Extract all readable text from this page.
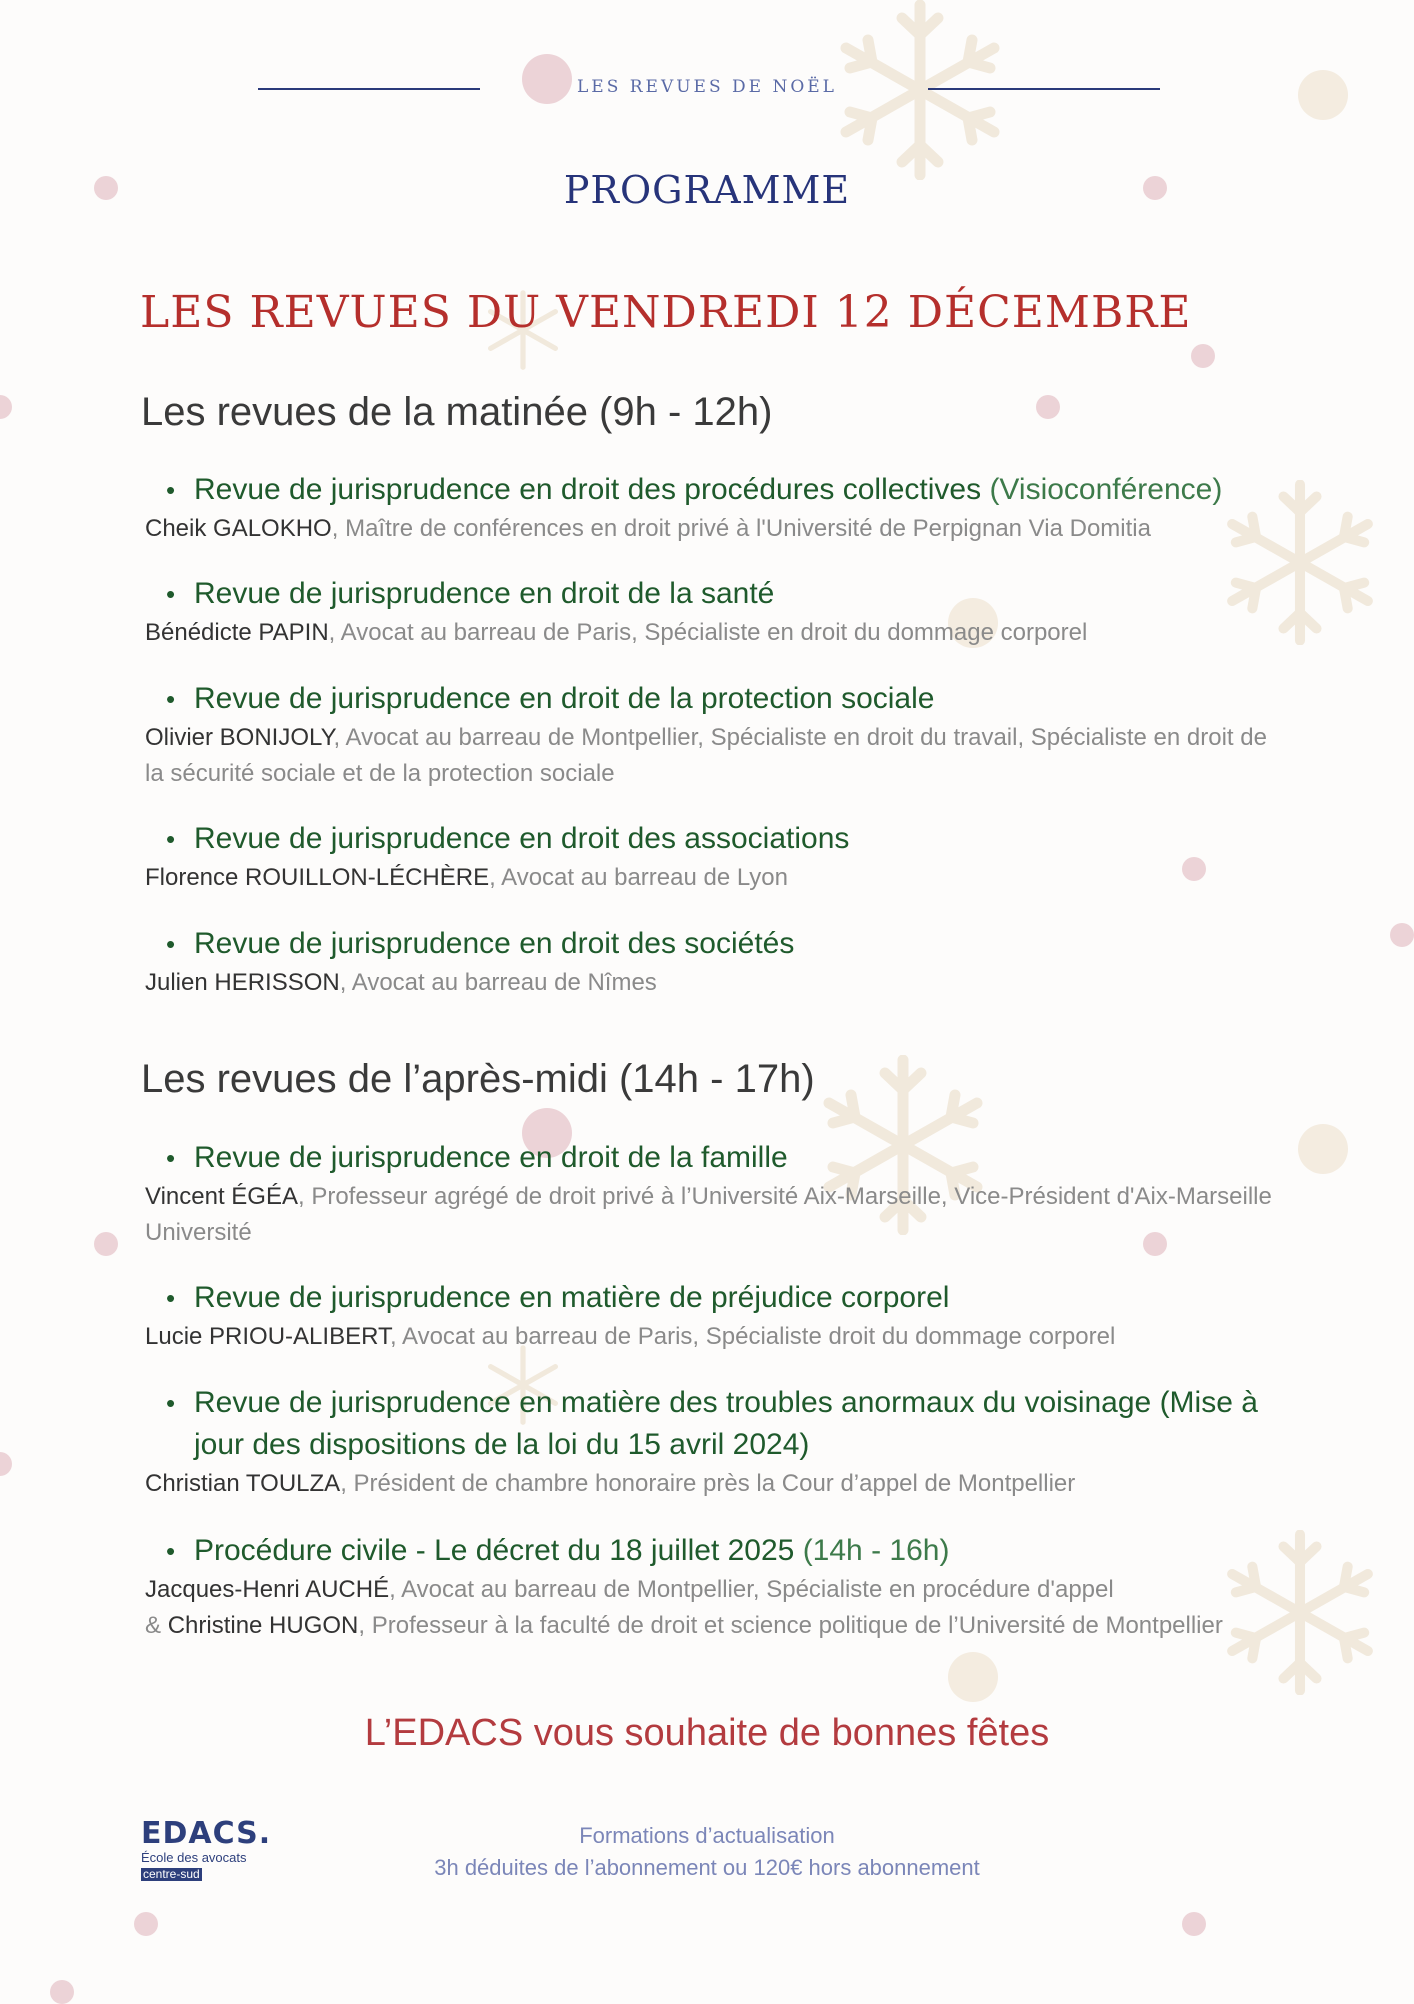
LES REVUES DE NOËL
PROGRAMME
LES REVUES DU VENDREDI 12 DÉCEMBRE
Les revues de la matinée (9h - 12h)
• Revue de jurisprudence en droit des procédures collectives (Visioconférence)
Cheik GALOKHO, Maître de conférences en droit privé à l'Université de Perpignan Via Domitia
• Revue de jurisprudence en droit de la santé
Bénédicte PAPIN, Avocat au barreau de Paris, Spécialiste en droit du dommage corporel
• Revue de jurisprudence en droit de la protection sociale
Olivier BONIJOLY, Avocat au barreau de Montpellier, Spécialiste en droit du travail, Spécialiste en droit de la sécurité sociale et de la protection sociale
• Revue de jurisprudence en droit des associations
Florence ROUILLON-LÉCHÈRE, Avocat au barreau de Lyon
• Revue de jurisprudence en droit des sociétés
Julien HERISSON, Avocat au barreau de Nîmes
Les revues de l’après-midi (14h - 17h)
• Revue de jurisprudence en droit de la famille
Vincent ÉGÉA, Professeur agrégé de droit privé à l’Université Aix-Marseille, Vice-Président d'Aix-Marseille Université
• Revue de jurisprudence en matière de préjudice corporel
Lucie PRIOU-ALIBERT, Avocat au barreau de Paris, Spécialiste droit du dommage corporel
• Revue de jurisprudence en matière des troubles anormaux du voisinage (Mise à jour des dispositions de la loi du 15 avril 2024)
Christian TOULZA, Président de chambre honoraire près la Cour d’appel de Montpellier
• Procédure civile - Le décret du 18 juillet 2025 (14h - 16h)
Jacques-Henri AUCHÉ, Avocat au barreau de Montpellier, Spécialiste en procédure d'appel
& Christine HUGON, Professeur à la faculté de droit et science politique de l’Université de Montpellier
L’EDACS vous souhaite de bonnes fêtes
EDACS.
École des avocats
centre-sud
Formations d’actualisation
3h déduites de l’abonnement ou 120€ hors abonnement
